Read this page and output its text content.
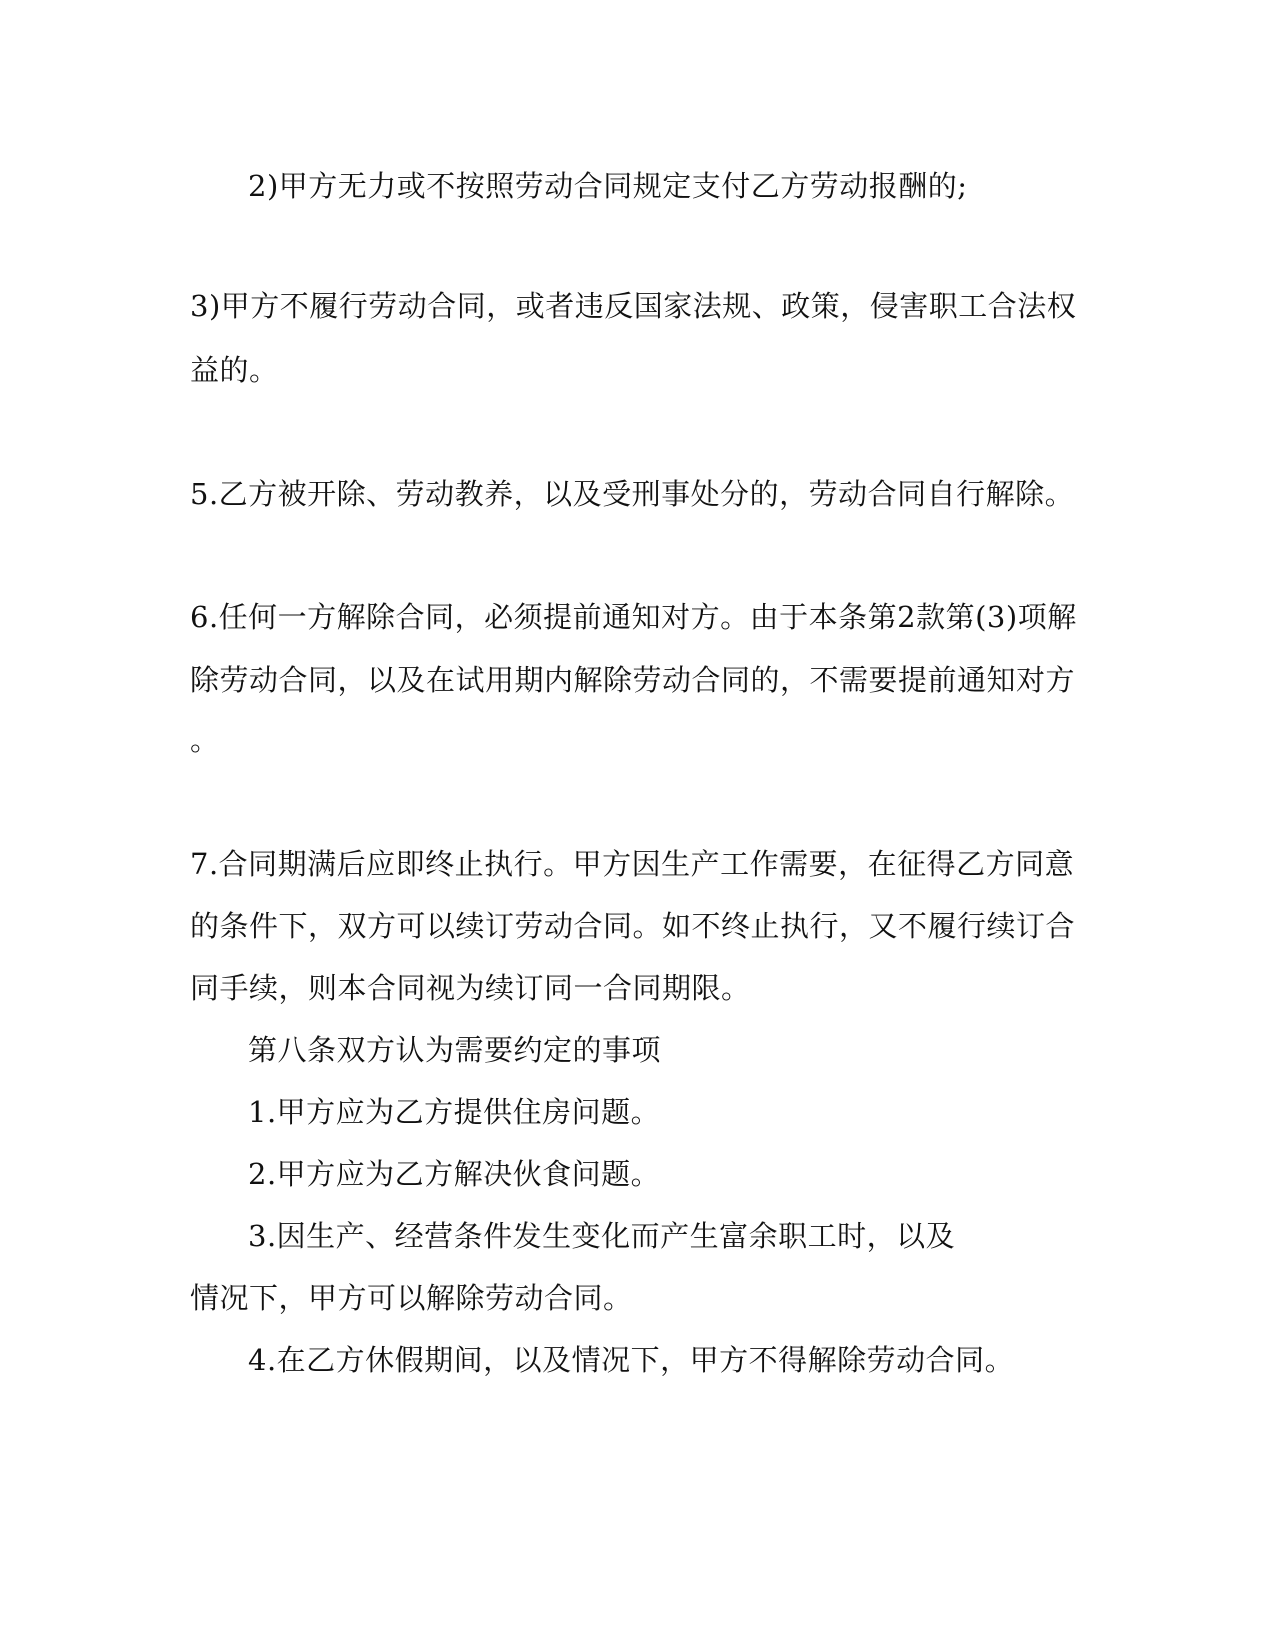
2)甲方无力或不按照劳动合同规定支付乙方劳动报酬的;
3)甲方不履行劳动合同，或者违反国家法规、政策，侵害职工合法权
益的。
5.乙方被开除、劳动教养，以及受刑事处分的，劳动合同自行解除。
6.任何一方解除合同，必须提前通知对方。由于本条第2款第(3)项解
除劳动合同，以及在试用期内解除劳动合同的，不需要提前通知对方
。
7.合同期满后应即终止执行。甲方因生产工作需要，在征得乙方同意
的条件下，双方可以续订劳动合同。如不终止执行，又不履行续订合
同手续，则本合同视为续订同一合同期限。
第八条双方认为需要约定的事项
1.甲方应为乙方提供住房问题。
2.甲方应为乙方解决伙食问题。
3.因生产、经营条件发生变化而产生富余职工时，以及
情况下，甲方可以解除劳动合同。
4.在乙方休假期间，以及情况下，甲方不得解除劳动合同。
